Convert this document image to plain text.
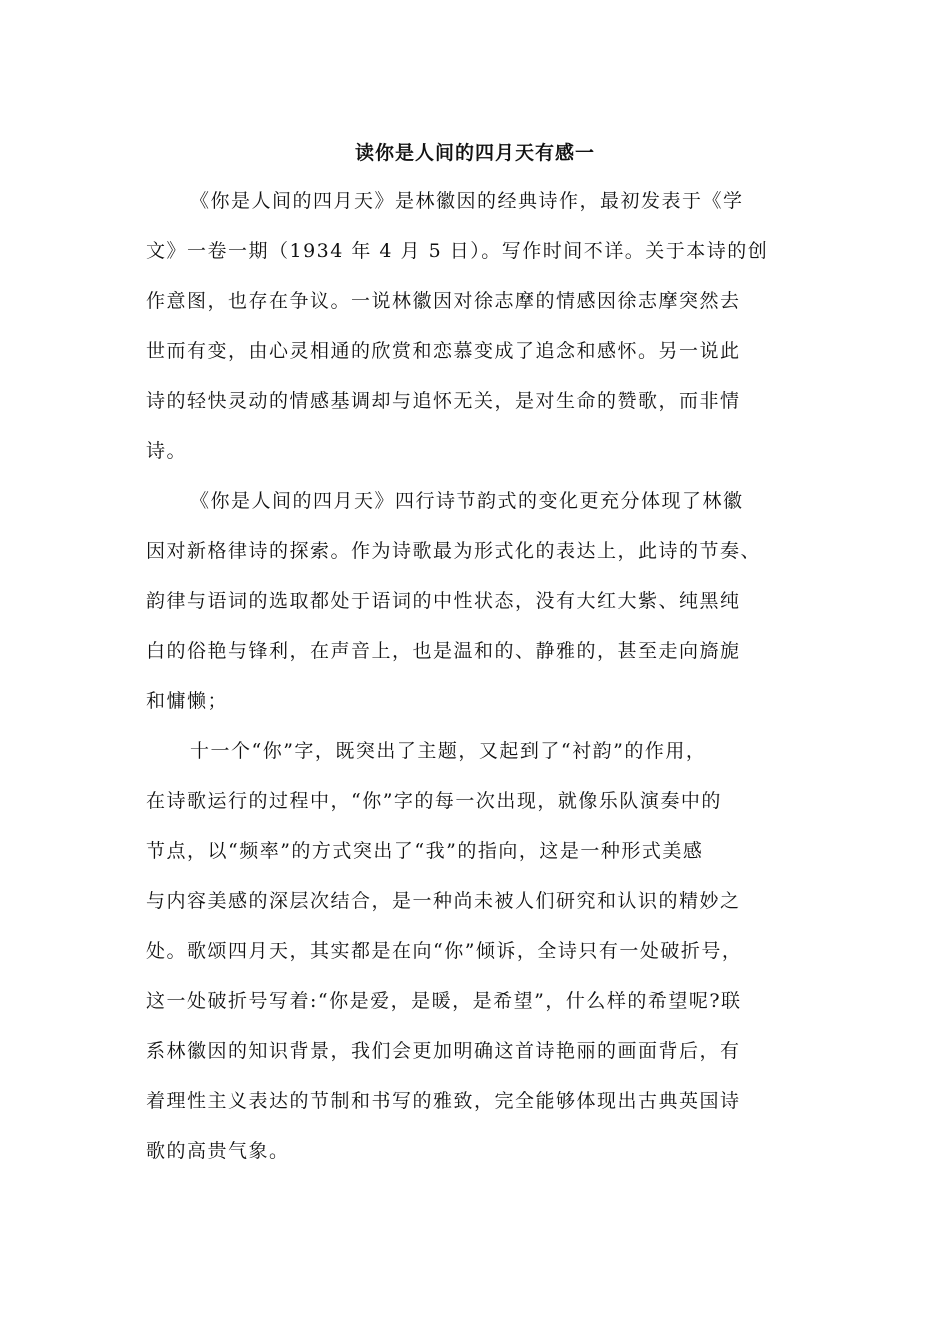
读你是人间的四月天有感一
《你是人间的四月天》是林徽因的经典诗作，最初发表于《学
文》一卷一期（1934 年 4 月 5 日）。写作时间不详。关于本诗的创
作意图，也存在争议。一说林徽因对徐志摩的情感因徐志摩突然去
世而有变，由心灵相通的欣赏和恋慕变成了追念和感怀。另一说此
诗的轻快灵动的情感基调却与追怀无关，是对生命的赞歌，而非情
诗。
《你是人间的四月天》四行诗节韵式的变化更充分体现了林徽
因对新格律诗的探索。作为诗歌最为形式化的表达上，此诗的节奏、
韵律与语词的选取都处于语词的中性状态，没有大红大紫、纯黑纯
白的俗艳与锋利，在声音上，也是温和的、静雅的，甚至走向旖旎
和慵懒；
十一个“你”字，既突出了主题，又起到了“衬韵”的作用，
在诗歌运行的过程中，“你”字的每一次出现，就像乐队演奏中的
节点，以“频率”的方式突出了“我”的指向，这是一种形式美感
与内容美感的深层次结合，是一种尚未被人们研究和认识的精妙之
处。歌颂四月天，其实都是在向“你”倾诉，全诗只有一处破折号，
这一处破折号写着:“你是爱，是暖，是希望”，什么样的希望呢?联
系林徽因的知识背景，我们会更加明确这首诗艳丽的画面背后，有
着理性主义表达的节制和书写的雅致，完全能够体现出古典英国诗
歌的高贵气象。
